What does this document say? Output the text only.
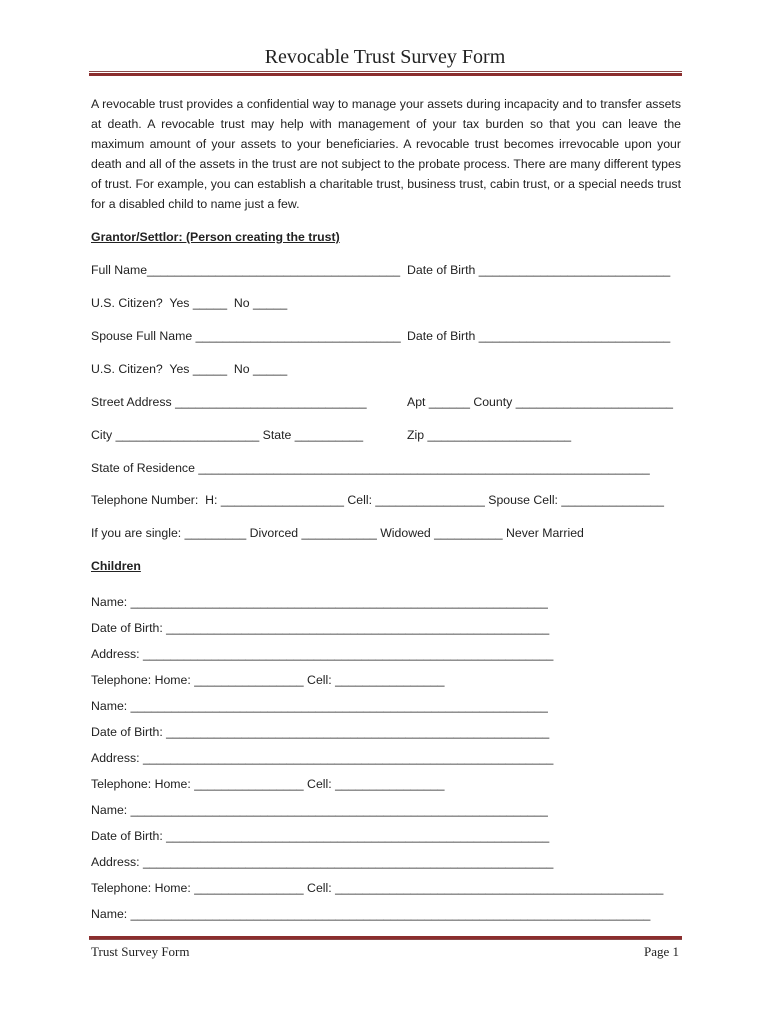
Revocable Trust Survey Form
A revocable trust provides a confidential way to manage your assets during incapacity and to transfer assets at death. A revocable trust may help with management of your tax burden so that you can leave the maximum amount of your assets to your beneficiaries. A revocable trust becomes irrevocable upon your death and all of the assets in the trust are not subject to the probate process. There are many different types of trust. For example, you can establish a charitable trust, business trust, cabin trust, or a special needs trust for a disabled child to name just a few.
Grantor/Settlor: (Person creating the trust)
Full Name_____________________________________ Date of Birth ____________________________
U.S. Citizen?  Yes _____  No _____
Spouse Full Name ______________________________ Date of Birth ____________________________
U.S. Citizen?  Yes _____  No _____
Street Address ____________________________	Apt ______ County _______________________
City _____________________ State __________	Zip _____________________
State of Residence __________________________________________________________________
Telephone Number:  H: __________________ Cell: ________________ Spouse Cell: _______________
If you are single: _________ Divorced ___________ Widowed __________ Never Married
Children
Name: _____________________________________________________________
Date of Birth: ________________________________________________________
Address: ____________________________________________________________
Telephone: Home: ________________ Cell: ________________
Name: _____________________________________________________________
Date of Birth: ________________________________________________________
Address: ____________________________________________________________
Telephone: Home: ________________ Cell: ________________
Name: _____________________________________________________________
Date of Birth: ________________________________________________________
Address: ____________________________________________________________
Telephone: Home: ________________ Cell: ________________________________________________
Name: ____________________________________________________________________________
Trust Survey Form	Page 1
